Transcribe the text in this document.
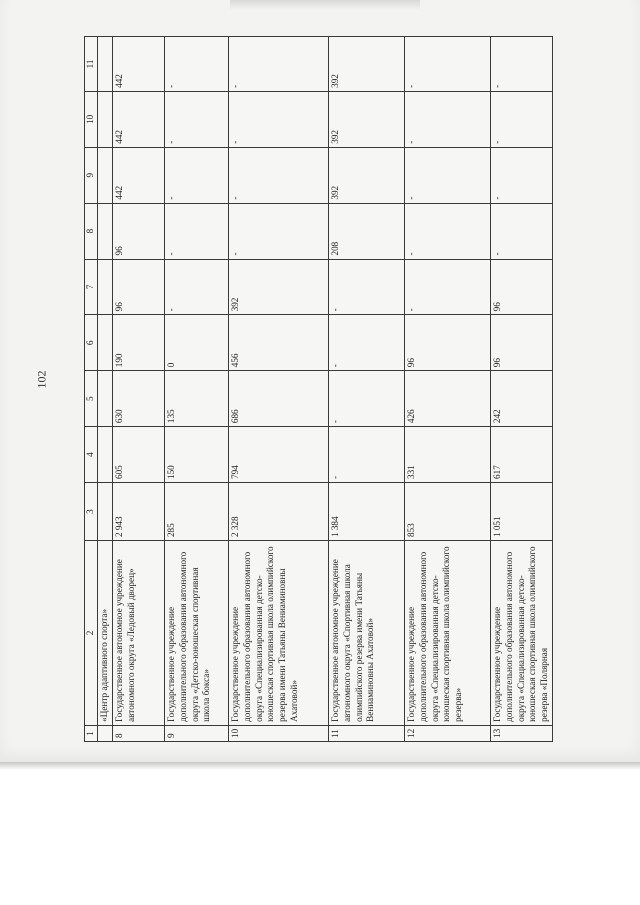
102
1	2	3	4	5	6	7	8	9	10	11
	«Центр адаптивного спорта»									
8	Государственное автономное учреждение автономного округа «Ледовый дворец»	2 943	605	630	190	96	96	442	442	442
9	Государственное учреждение дополнительного образования автономного округа «Детско-юношеская спортивная школа бокса»	285	150	135	0	-	-	-	-	-
10	Государственное учреждение дополнительного образования автономного округа «Специализированная детско-юношеская спортивная школа олимпийского резерва имени Татьяны Вениаминовны Ахатовой»	2 328	794	686	456	392	-	-	-	-
11	Государственное автономное учреждение автономного округа «Спортивная школа олимпийского резерва имени Татьяны Вениаминовны Ахатовой»	1 384	-	-	-	-	208	392	392	392
12	Государственное учреждение дополнительного образования автономного округа «Специализированная детско-юношеская спортивная школа олимпийского резерва»	853	331	426	96	-	-	-	-	-
13	Государственное учреждение дополнительного образования автономного округа «Специализированная детско-юношеская спортивная школа олимпийского резерва «Полярная	1 051	617	242	96	96	-	-	-	-
